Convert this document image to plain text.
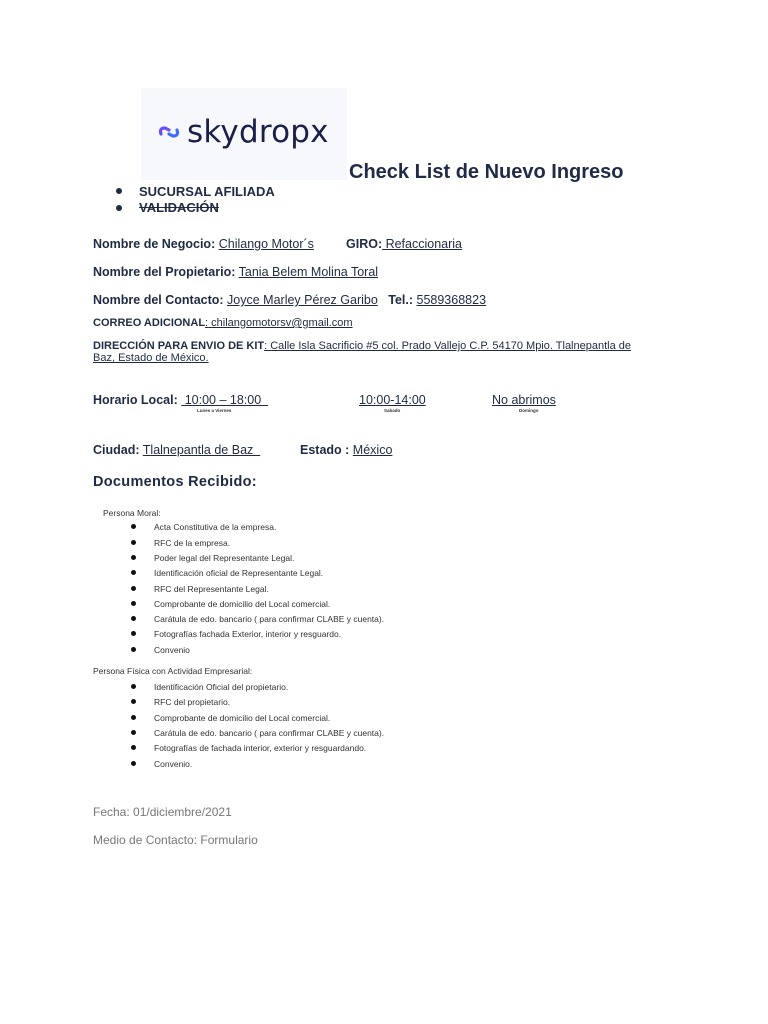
skydropx
Check List de Nuevo Ingreso
SUCURSAL AFILIADA
VALIDACIÓN
Nombre de Negocio: Chilango Motor´s	GIRO: Refaccionaria
Nombre del Propietario: Tania Belem Molina Toral
Nombre del Contacto: Joyce Marley Pérez Garibo Tel.: 5589368823
CORREO ADICIONAL: chilangomotorsv@gmail.com
DIRECCIÓN PARA ENVIO DE KIT: Calle Isla Sacrificio #5 col. Prado Vallejo C.P. 54170 Mpio. Tlalnepantla de
Baz, Estado de México.
Horario Local:  10:00 – 18:00
Lunes a Viernes
10:00-14:00
Sabado
No abrimos
Domingo
Ciudad: Tlalnepantla de Baz	Estado : México
Documentos Recibido:
Persona Moral:
Acta Constitutiva de la empresa.
RFC de la empresa.
Poder legal del Representante Legal.
Identificación oficial de Representante Legal.
RFC del Representante Legal.
Comprobante de domicilio del Local comercial.
Carátula de edo. bancario ( para confirmar CLABE y cuenta).
Fotografías fachada Exterior, interior y resguardo.
Convenio
Persona Física con Actividad Empresarial:
Identificación Oficial del propietario.
RFC del propietario.
Comprobante de domicilio del Local comercial.
Carátula de edo. bancario ( para confirmar CLABE y cuenta).
Fotografías de fachada interior, exterior y resguardando.
Convenio.
Fecha: 01/diciembre/2021
Medio de Contacto: Formulario
